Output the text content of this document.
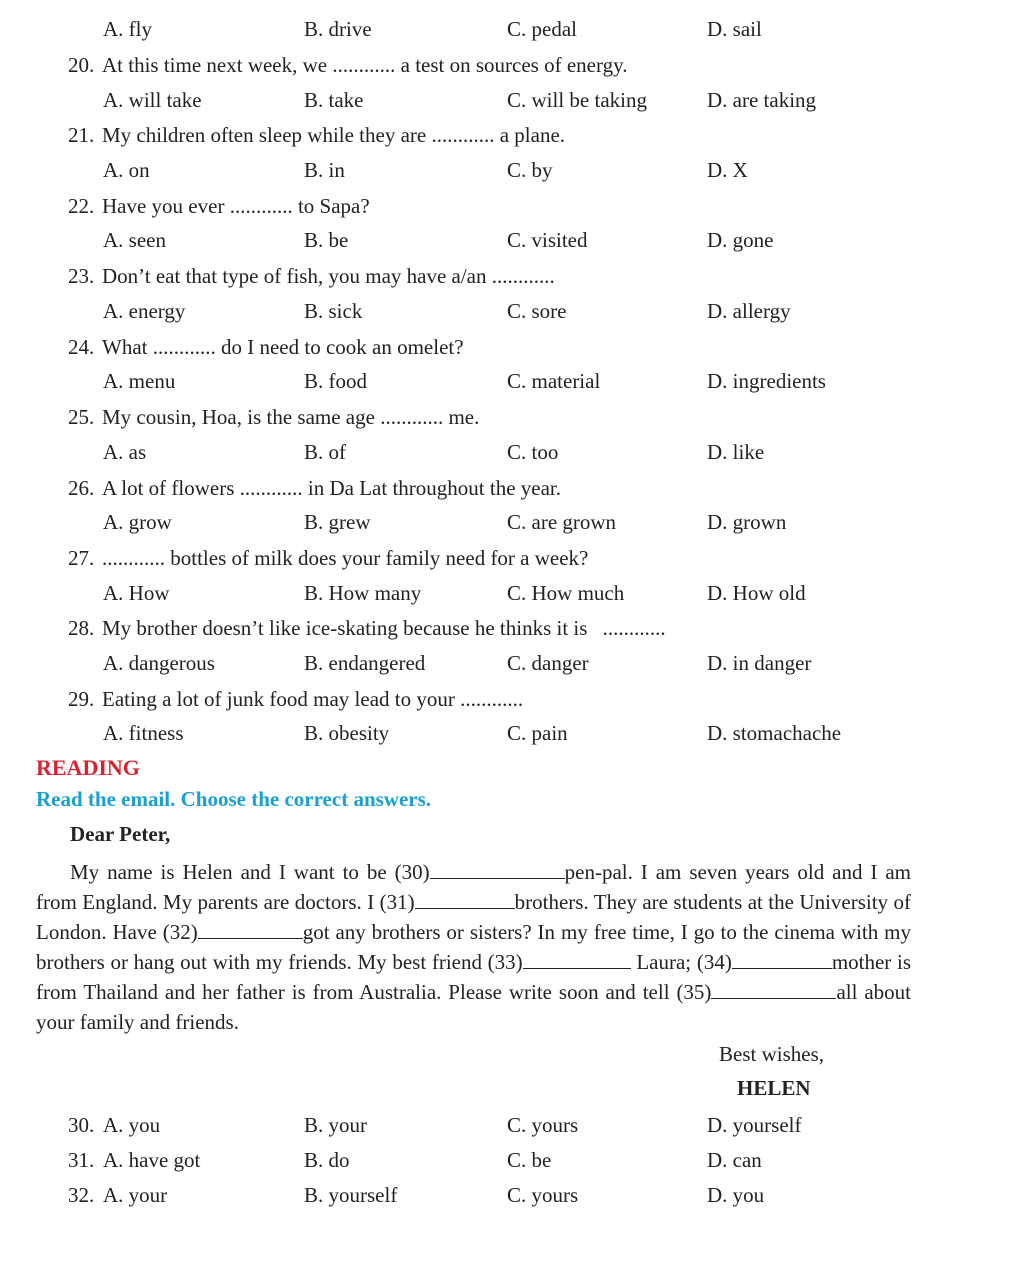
A. fly	B. drive	C. pedal	D. sail
20. At this time next week, we ............ a test on sources of energy.
A. will take	B. take	C. will be taking	D. are taking
21. My children often sleep while they are ............ a plane.
A. on	B. in	C. by	D. X
22. Have you ever ............ to Sapa?
A. seen	B. be	C. visited	D. gone
23. Don’t eat that type of fish, you may have a/an ............
A. energy	B. sick	C. sore	D. allergy
24. What ............ do I need to cook an omelet?
A. menu	B. food	C. material	D. ingredients
25. My cousin, Hoa, is the same age ............ me.
A. as	B. of	C. too	D. like
26. A lot of flowers ............ in Da Lat throughout the year.
A. grow	B. grew	C. are grown	D. grown
27. ............ bottles of milk does your family need for a week?
A. How	B. How many	C. How much	D. How old
28. My brother doesn’t like ice-skating because he thinks it is ............
A. dangerous	B. endangered	C. danger	D. in danger
29. Eating a lot of junk food may lead to your ............
A. fitness	B. obesity	C. pain	D. stomachache
READING
Read the email. Choose the correct answers.
Dear Peter,
My name is Helen and I want to be (30)	pen-pal. I am seven years old and I am from England. My parents are doctors. I (31)	brothers. They are students at the University of London. Have (32)	got any brothers or sisters? In my free time, I go to the cinema with my brothers or hang out with my friends. My best friend (33)	Laura; (34)	mother is from Thailand and her father is from Australia. Please write soon and tell (35)	all about your family and friends.
Best wishes,
HELEN
30. A. you	B. your	C. yours	D. yourself
31. A. have got	B. do	C. be	D. can
32. A. your	B. yourself	C. yours	D. you
